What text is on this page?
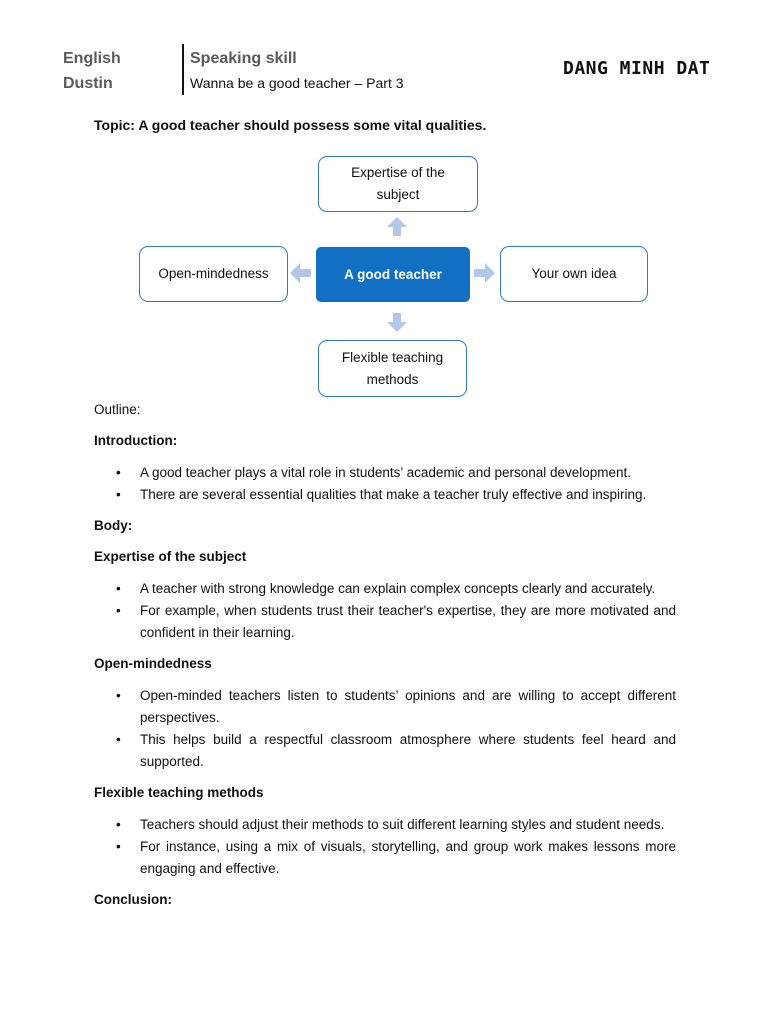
English
Dustin
Speaking skill
Wanna be a good teacher – Part 3
DANG MINH DAT
Topic: A good teacher should possess some vital qualities.
Expertise of the subject
Open-mindedness	A good teacher	Your own idea
Flexible teaching methods

Outline:

Introduction:

• A good teacher plays a vital role in students’ academic and personal development.
• There are several essential qualities that make a teacher truly effective and inspiring.

Body:

Expertise of the subject

• A teacher with strong knowledge can explain complex concepts clearly and accurately.
• For example, when students trust their teacher's expertise, they are more motivated and confident in their learning.

Open-mindedness

• Open-minded teachers listen to students’ opinions and are willing to accept different perspectives.
• This helps build a respectful classroom atmosphere where students feel heard and supported.

Flexible teaching methods

• Teachers should adjust their methods to suit different learning styles and student needs.
• For instance, using a mix of visuals, storytelling, and group work makes lessons more engaging and effective.

Conclusion:
